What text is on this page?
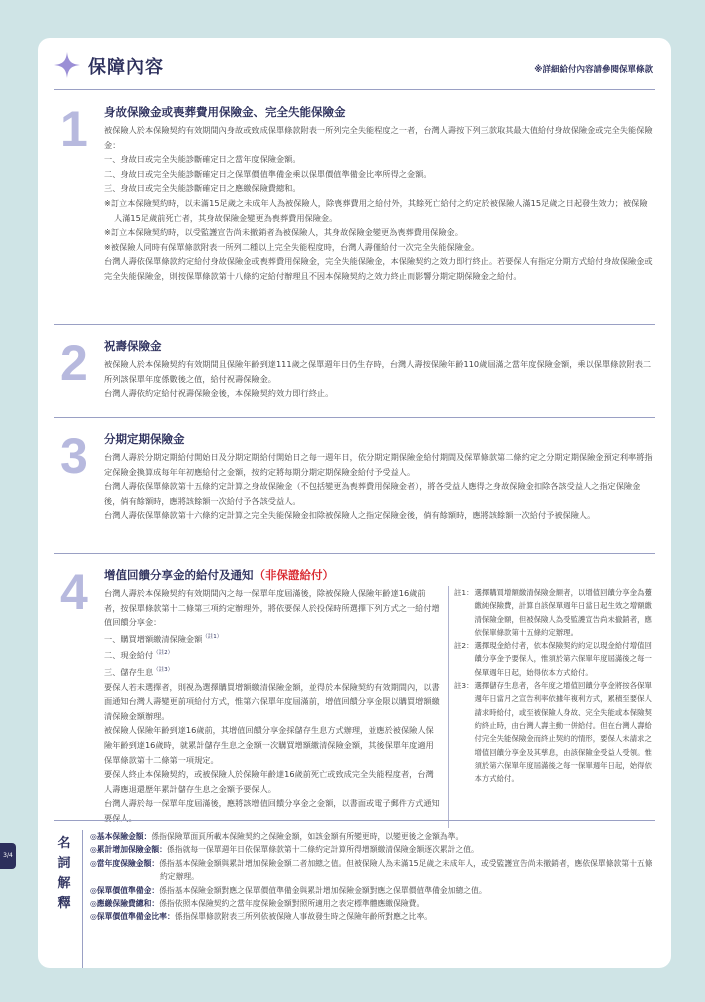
保障內容	※詳細給付內容請參閱保單條款
1 身故保險金或喪葬費用保險金、完全失能保險金

被保險人於本保險契約有效期間內身故或致成保單條款附表一所列完全失能程度之一者，台灣人壽按下列三款取其最大值給付身故保險金或完全失能保險金：

一、身故日或完全失能診斷確定日之當年度保險金額。

二、身故日或完全失能診斷確定日之保單價值準備金乘以保單價值準備金比率所得之金額。

三、身故日或完全失能診斷確定日之應繳保險費總和。

※訂立本保險契約時，以未滿15足歲之未成年人為被保險人，除喪葬費用之給付外，其餘死亡給付之約定於被保險人滿15足歲之日起發生效力；被保險人滿15足歲前死亡者，其身故保險金變更為喪葬費用保險金。

※訂立本保險契約時，以受監護宣告尚未撤銷者為被保險人，其身故保險金變更為喪葬費用保險金。

※被保險人同時有保單條款附表一所列二種以上完全失能程度時，台灣人壽僅給付一次完全失能保險金。

台灣人壽依保單條款約定給付身故保險金或喪葬費用保險金，完全失能保險金，本保險契約之效力即行終止。若要保人有指定分期方式給付身故保險金或完全失能保險金，則按保單條款第十八條約定給付辦理且不因本保險契約之效力終止而影響分期定期保險金之給付。

2 祝壽保險金

被保險人於本保險契約有效期間且保險年齡到達111歲之保單週年日仍生存時，台灣人壽按保險年齡110歲屆滿之當年度保險金額，乘以保單條款附表二所列該保單年度係數後之值，給付祝壽保險金。

台灣人壽依約定給付祝壽保險金後，本保險契約效力即行終止。

3 分期定期保險金

台灣人壽於分期定期給付開始日及分期定期給付開始日之每一週年日，依分期定期保險金給付期間及保單條款第二條約定之分期定期保險金預定利率將指定保險金換算成每年年初應給付之金額，按約定將每期分期定期保險金給付予受益人。

台灣人壽依保單條款第十五條約定計算之身故保險金（不包括變更為喪葬費用保險金者），將各受益人應得之身故保險金扣除各該受益人之指定保險金後，倘有餘額時，應將該餘額一次給付予各該受益人。

台灣人壽依保單條款第十六條約定計算之完全失能保險金扣除被保險人之指定保險金後，倘有餘額時，應將該餘額一次給付予被保險人。

4 增值回饋分享金的給付及通知（非保證給付）

台灣人壽於本保險契約有效期間內之每一保單年度屆滿後，除被保險人保險年齡達16歲前者，按保單條款第十二條第三項約定辦理外，將依要保人於投保時所選擇下列方式之一給付增值回饋分享金：

一、購買增額繳清保險金額$^{(註1)}$

二、現金給付$^{(註2)}$

三、儲存生息$^{(註3)}$

要保人若未選擇者，則視為選擇購買增額繳清保險金額，並得於本保險契約有效期間內，以書面通知台灣人壽變更前項給付方式，惟第六保單年度屆滿前，增值回饋分享金限以購買增額繳清保險金額辦理。

被保險人保險年齡到達16歲前，其增值回饋分享金採儲存生息方式辦理，並應於被保險人保險年齡到達16歲時，就累計儲存生息之金額一次購買增額繳清保險金額，其後保單年度適用保單條款第十二條第一項規定。

要保人終止本保險契約，或被保險人於保險年齡達16歲前死亡或致成完全失能程度者，台灣人壽應退還歷年累計儲存生息之金額予要保人。

台灣人壽於每一保單年度屆滿後，應將該增值回饋分享金之金額，以書面或電子郵件方式通知要保人。

註1： 選擇購買增額繳清保險金額者，以增值回饋分享金為躉繳純保險費，計算自該保單週年日當日起生效之增額繳清保險金額，但被保險人為受監護宣告尚未撤銷者，應依保單條款第十五條約定辦理。
註2： 選擇現金給付者，依本保險契約約定以現金給付增值回饋分享金予要保人，惟須於第六保單年度屆滿後之每一保單週年日起，始得依本方式給付。
註3： 選擇儲存生息者，各年度之增值回饋分享金將按各保單週年日當月之宣告利率依據年複利方式，累積至要保人請求時給付，或至被保險人身故、完全失能或本保險契約終止時，由台灣人壽主動一併給付。但在台灣人壽給付完全失能保險金而終止契約的情形，要保人未請求之增值回饋分享金及其孳息，由該保險金受益人受領。惟須於第六保單年度屆滿後之每一保單週年日起，始得依本方式給付。
名
詞
解
釋
◎基本保險金額：係指保險單面頁所載本保險契約之保險金額，如該金額有所變更時，以變更後之金額為準。
◎累計增加保險金額：係指就每一保單週年日依保單條款第十二條約定計算所得增額繳清保險金額逐次累計之值。
◎當年度保險金額：係指基本保險金額與累計增加保險金額二者加總之值。但被保險人為未滿15足歲之未成年人，或受監護宣告尚未撤銷者，應依保單條款第十五條約定辦理。
◎保單價值準備金：係指基本保險金額對應之保單價值準備金與累計增加保險金額對應之保單價值準備金加總之值。
◎應繳保險費總和：係指依照本保險契約之當年度保險金額對照所適用之表定標準體應繳保險費。
◎保單價值準備金比率：係指保單條款附表三所列依被保險人事故發生時之保險年齡所對應之比率。
3/4
